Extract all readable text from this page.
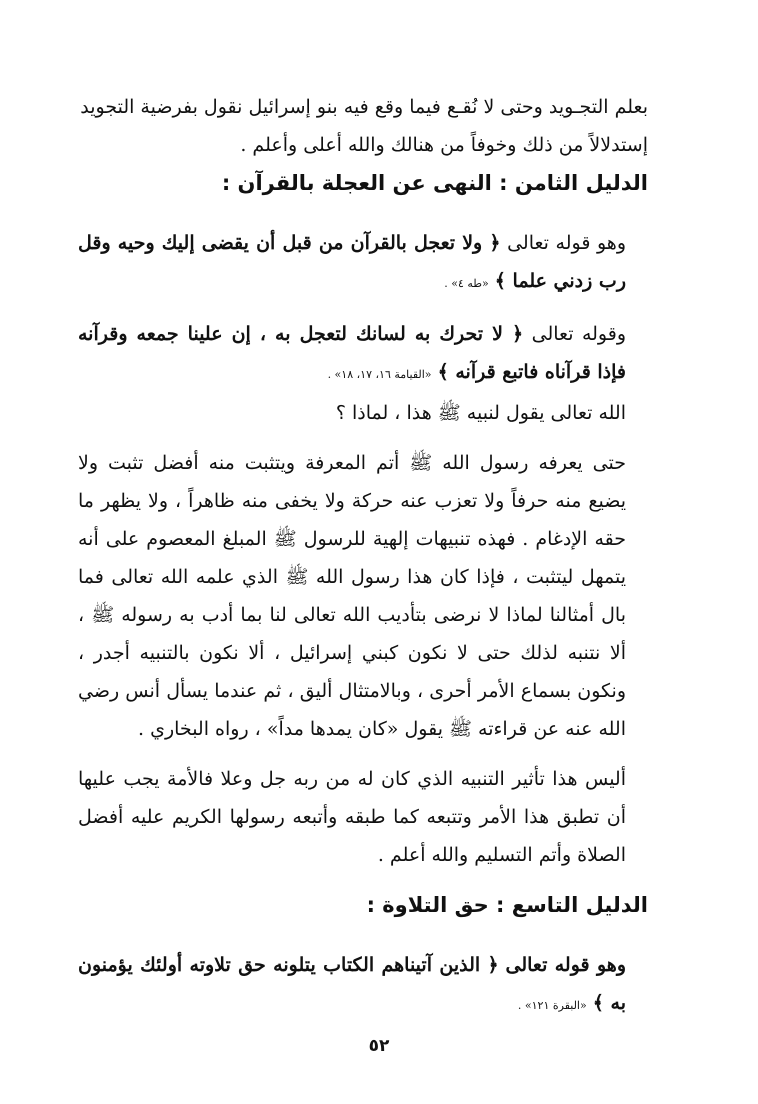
بعلم التجـويد وحتى لا نُقـع فيما وقع فيه بنو إسرائيل نقول بفرضية التجويد

إستدلالاً من ذلك وخوفاً من هنالك والله أعلى وأعلم .

الدليل الثامن : النهى عن العجلة بالقرآن :

وهو قوله تعالى ﴿ ولا تعجل بالقرآن من قبل أن يقضى إليك وحيه وقل رب زدني علما ﴾ «طه ٤» .

وقوله تعالى ﴿ لا تحرك به لسانك لتعجل به ، إن علينا جمعه وقرآنه فإذا قرآناه فاتبع قرآنه ﴾ «القيامة ١٦، ١٧، ١٨» .

الله تعالى يقول لنبيه ﷺ هذا ، لماذا ؟

حتى يعرفه رسول الله ﷺ أتم المعرفة ويتثبت منه أفضل تثبت ولا يضيع منه حرفاً ولا تعزب عنه حركة ولا يخفى منه ظاهراً ، ولا يظهر ما حقه الإدغام . فهذه تنبيهات إلهية للرسول ﷺ المبلغ المعصوم على أنه يتمهل ليتثبت ، فإذا كان هذا رسول الله ﷺ الذي علمه الله تعالى فما بال أمثالنا لماذا لا نرضى بتأديب الله تعالى لنا بما أدب به رسوله ﷺ ، ألا نتنبه لذلك حتى لا نكون كبني إسرائيل ، ألا نكون بالتنبيه أجدر ، ونكون بسماع الأمر أحرى ، وبالامتثال أليق ، ثم عندما يسأل أنس رضي الله عنه عن قراءته ﷺ يقول «كان يمدها مداً» ، رواه البخاري .

أليس هذا تأثير التنبيه الذي كان له من ربه جل وعلا فالأمة يجب عليها أن تطبق هذا الأمر وتتبعه كما طبقه وأتبعه رسولها الكريم عليه أفضل الصلاة وأتم التسليم والله أعلم .

الدليل التاسع : حق التلاوة :

وهو قوله تعالى ﴿ الذين آتيناهم الكتاب يتلونه حق تلاوته أولئك يؤمنون به ﴾ «البقرة ١٢١» .

٥٢
